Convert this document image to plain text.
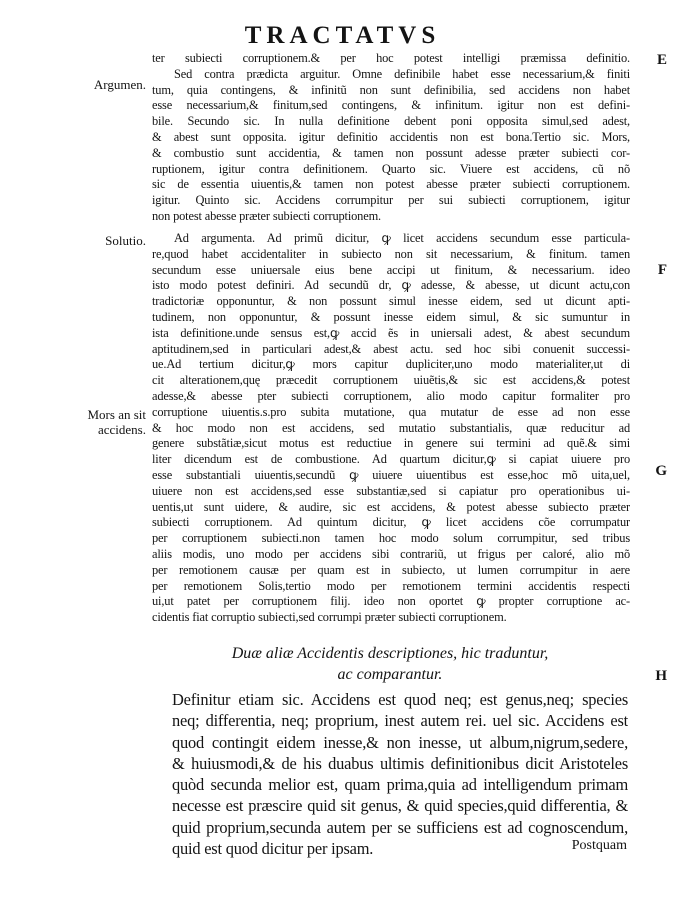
TRACTATVS
E
F
G
H
Argumen.
Solutio.
Mors an sit
accidens.
ter subiecti corruptionem.& per hoc potest intelligi præmissa definitio.
Sed contra prædicta arguitur. Omne definibile habet esse necessarium,& finiti
tum, quia contingens, & infinitũ non sunt definibilia, sed accidens non habet
esse necessarium,& finitum,sed contingens, & infinitum. igitur non est defini-
bile. Secundo sic. In nulla definitione debent poni opposita simul,sed adest,
& abest sunt opposita. igitur definitio accidentis non est bona.Tertio sic. Mors,
& combustio sunt accidentia, & tamen non possunt adesse præter subiecti cor-
ruptionem, igitur contra definitionem. Quarto sic. Viuere est accidens, cũ nõ
sic de essentia uiuentis,& tamen non potest abesse præter subiecti corruptionem.
igitur. Quinto sic. Accidens corrumpitur per sui subiecti corruptionem, igitur
non potest abesse præter subiecti corruptionem.
Ad argumenta. Ad primũ dicitur, ꝙ licet accidens secundum esse particula-
re,quod habet accidentaliter in subiecto non sit necessarium, & finitum. tamen
secundum esse uniuersale eius bene accipi ut finitum, & necessarium. ideo
isto modo potest definiri. Ad secundũ dr, ꝙ adesse, & abesse, ut dicunt actu,con
tradictoriæ opponuntur, & non possunt simul inesse eidem, sed ut dicunt apti-
tudinem, non opponuntur, & possunt inesse eidem simul, & sic sumuntur in
ista definitione.unde sensus est,ꝙ accid ẽs in uniersali adest, & abest secundum
aptitudinem,sed in particulari adest,& abest actu. sed hoc sibi conuenit successi-
ue.Ad tertium dicitur,ꝙ mors capitur dupliciter,uno modo materialiter,ut di
cit alterationem,quę præcedit corruptionem uiuẽtis,& sic est accidens,& potest
adesse,& abesse pter subiecti corruptionem, alio modo capitur formaliter pro
corruptione uiuentis.s.pro subita mutatione, qua mutatur de esse ad non esse
& hoc modo non est accidens, sed mutatio substantialis, quæ reducitur ad
genere substãtiæ,sicut motus est reductiue in genere sui termini ad quẽ.& simi
liter dicendum est de combustione. Ad quartum dicitur,ꝙ si capiat uiuere pro
esse substantiali uiuentis,secundũ ꝙ uiuere uiuentibus est esse,hoc mõ uita,uel,
uiuere non est accidens,sed esse substantiæ,sed si capiatur pro operationibus ui-
uentis,ut sunt uidere, & audire, sic est accidens, & potest abesse subiecto præter
subiecti corruptionem. Ad quintum dicitur, ꝙ licet accidens cõe corrumpatur
per corruptionem subiecti.non tamen hoc modo solum corrumpitur, sed tribus
aliis modis, uno modo per accidens sibi contrariũ, ut frigus per caloré, alio mõ
per remotionem causæ per quam est in subiecto, ut lumen corrumpitur in aere
per remotionem Solis,tertio modo per remotionem termini accidentis respecti
ui,ut patet per corruptionem filij. ideo non oportet ꝙ propter corruptione ac-
cidentis fiat corruptio subiecti,sed corrumpi præter subiecti corruptionem.
Duæ aliæ Accidentis descriptiones, hic traduntur,
ac comparantur.
Definitur etiam sic. Accidens est quod neq; est genus,neq; species
neq; differentia, neq; proprium, inest autem rei. uel sic. Accidens est
quod contingit eidem inesse,& non inesse, ut album,nigrum,sedere,
& huiusmodi,& de his duabus ultimis definitionibus dicit Aristoteles
quòd secunda melior est, quam prima,quia ad intelligendum primam
necesse est præscire quid sit genus, & quid species,quid differentia, &
quid proprium,secunda autem per se sufficiens est ad cognoscendum,
quid est quod dicitur per ipsam.	Postquam
